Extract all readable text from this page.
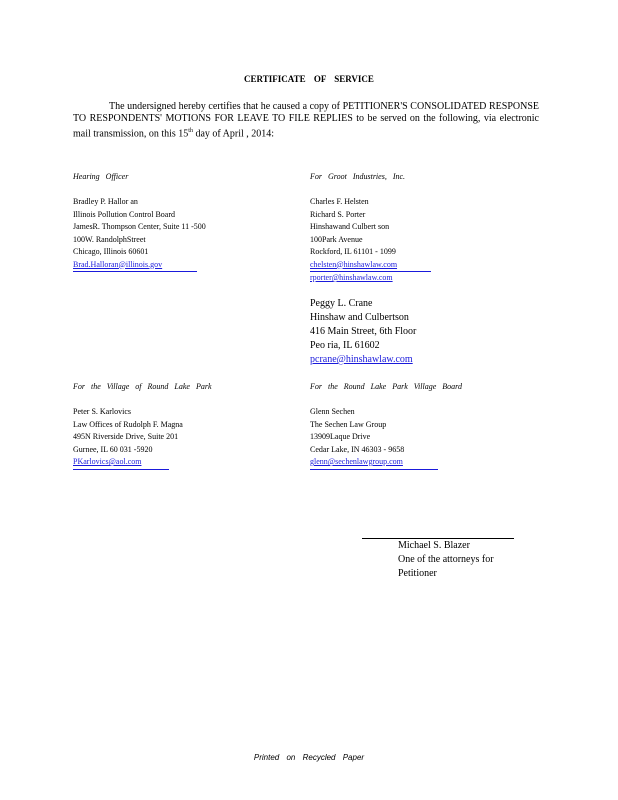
CERTIFICATE OF SERVICE

The undersigned hereby certifies that he caused a copy of PETITIONER'S CONSOLIDATED RESPONSE TO RESPONDENTS' MOTIONS FOR LEAVE TO FILE REPLIES to be served on the following, via electronic mail transmission, on this 15th day of April , 2014:

Hearing Officer
Bradley P. Hallor an
Illinois Pollution Control Board
JamesR. Thompson Center, Suite 11 -500
100W. RandolphStreet
Chicago, Illinois 60601
Brad.Halloran@illinois.gov
For Groot Industries, Inc.
Charles F. Helsten
Richard S. Porter
Hinshawand Culbert son
100Park Avenue
Rockford, IL 61101 - 1099
chelsten@hinshawlaw.com
rporter@hinshawlaw.com
Peggy L. Crane
Hinshaw and Culbertson
416 Main Street, 6th Floor
Peo ria, IL 61602
pcrane@hinshawlaw.com
For the Village of Round Lake Park
Peter S. Karlovics
Law Offices of Rudolph F. Magna
495N Riverside Drive, Suite 201
Gurnee, IL 60 031 -5920
PKarlovics@aol.com
For the Round Lake Park Village Board
Glenn Sechen
The Sechen Law Group
13909Laque Drive
Cedar Lake, IN 46303 - 9658
glenn@sechenlawgroup.com
Michael S. Blazer
One of the attorneys for
Petitioner
Printed on Recycled Paper
